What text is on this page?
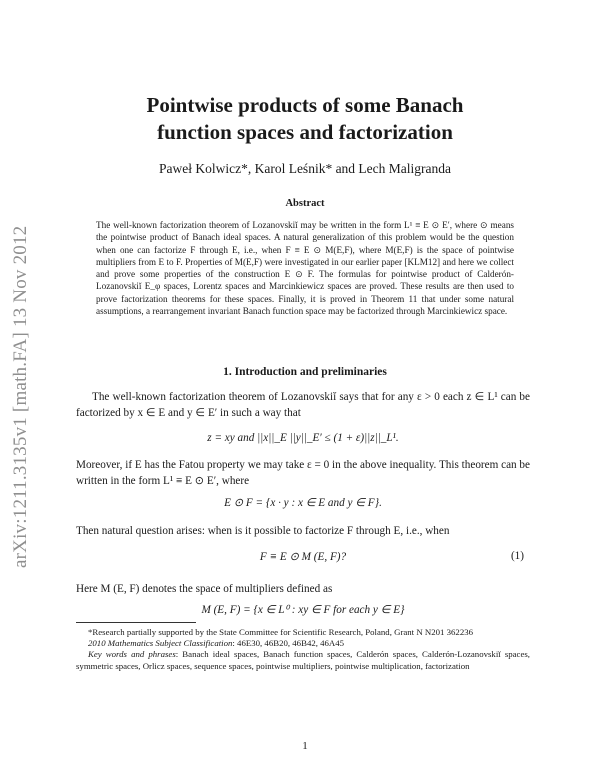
arXiv:1211.3135v1 [math.FA] 13 Nov 2012
Pointwise products of some Banach
function spaces and factorization
Paweł Kolwicz*, Karol Leśnik* and Lech Maligranda
Abstract

The well-known factorization theorem of Lozanovskiĭ may be written in the form L¹ ≡ E ⊙ E′, where ⊙ means the pointwise product of Banach ideal spaces. A natural generalization of this problem would be the question when one can factorize F through E, i.e., when F ≡ E ⊙ M(E,F), where M(E,F) is the space of pointwise multipliers from E to F. Properties of M(E,F) were investigated in our earlier paper [KLM12] and here we collect and prove some properties of the construction E ⊙ F. The formulas for pointwise product of Calderón-Lozanovskiĭ E_φ spaces, Lorentz spaces and Marcinkiewicz spaces are proved. These results are then used to prove factorization theorems for these spaces. Finally, it is proved in Theorem 11 that under some natural assumptions, a rearrangement invariant Banach function space may be factorized through Marcinkiewicz space.

1. Introduction and preliminaries

The well-known factorization theorem of Lozanovskiĭ says that for any ε > 0 each z ∈ L¹ can be factorized by x ∈ E and y ∈ E′ in such a way that

z = xy and ||x||_E ||y||_E′ ≤ (1 + ε)||z||_L¹.

Moreover, if E has the Fatou property we may take ε = 0 in the above inequality. This theorem can be written in the form L¹ ≡ E ⊙ E′, where

E ⊙ F = {x · y : x ∈ E and y ∈ F}.

Then natural question arises: when is it possible to factorize F through E, i.e., when

F ≡ E ⊙ M (E, F)?	(1)

Here M (E, F) denotes the space of multipliers defined as

M (E, F) = {x ∈ L⁰ : xy ∈ F for each y ∈ E}

*Research partially supported by the State Committee for Scientific Research, Poland, Grant N N201 362236

2010 Mathematics Subject Classification: 46E30, 46B20, 46B42, 46A45

Key words and phrases: Banach ideal spaces, Banach function spaces, Calderón spaces, Calderón-Lozanovskiĭ spaces, symmetric spaces, Orlicz spaces, sequence spaces, pointwise multipliers, pointwise multiplication, factorization

1
